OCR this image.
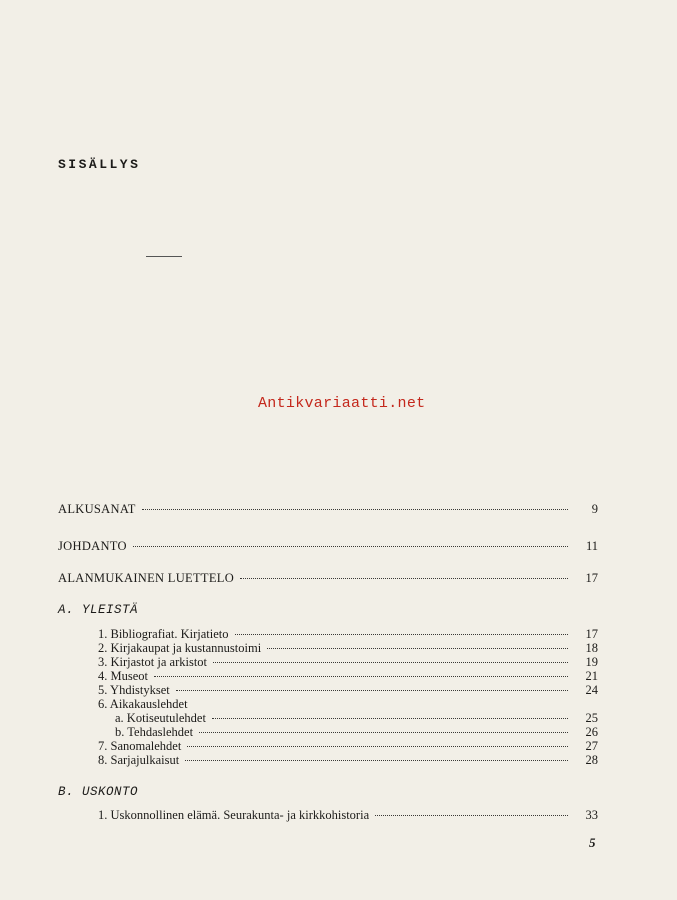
SISÄLLYS
Antikvariaatti.net
ALKUSANAT	9
JOHDANTO	11
ALANMUKAINEN LUETTELO	17
A. YLEISTÄ
1. Bibliografiat. Kirjatieto	17
2. Kirjakaupat ja kustannustoimi	18
3. Kirjastot ja arkistot	19
4. Museot	21
5. Yhdistykset	24
6. Aikakauslehdet
a. Kotiseutulehdet	25
b. Tehdaslehdet	26
7. Sanomalehdet	27
8. Sarjajulkaisut	28
B. USKONTO
1. Uskonnollinen elämä. Seurakunta- ja kirkkohistoria	33
5
